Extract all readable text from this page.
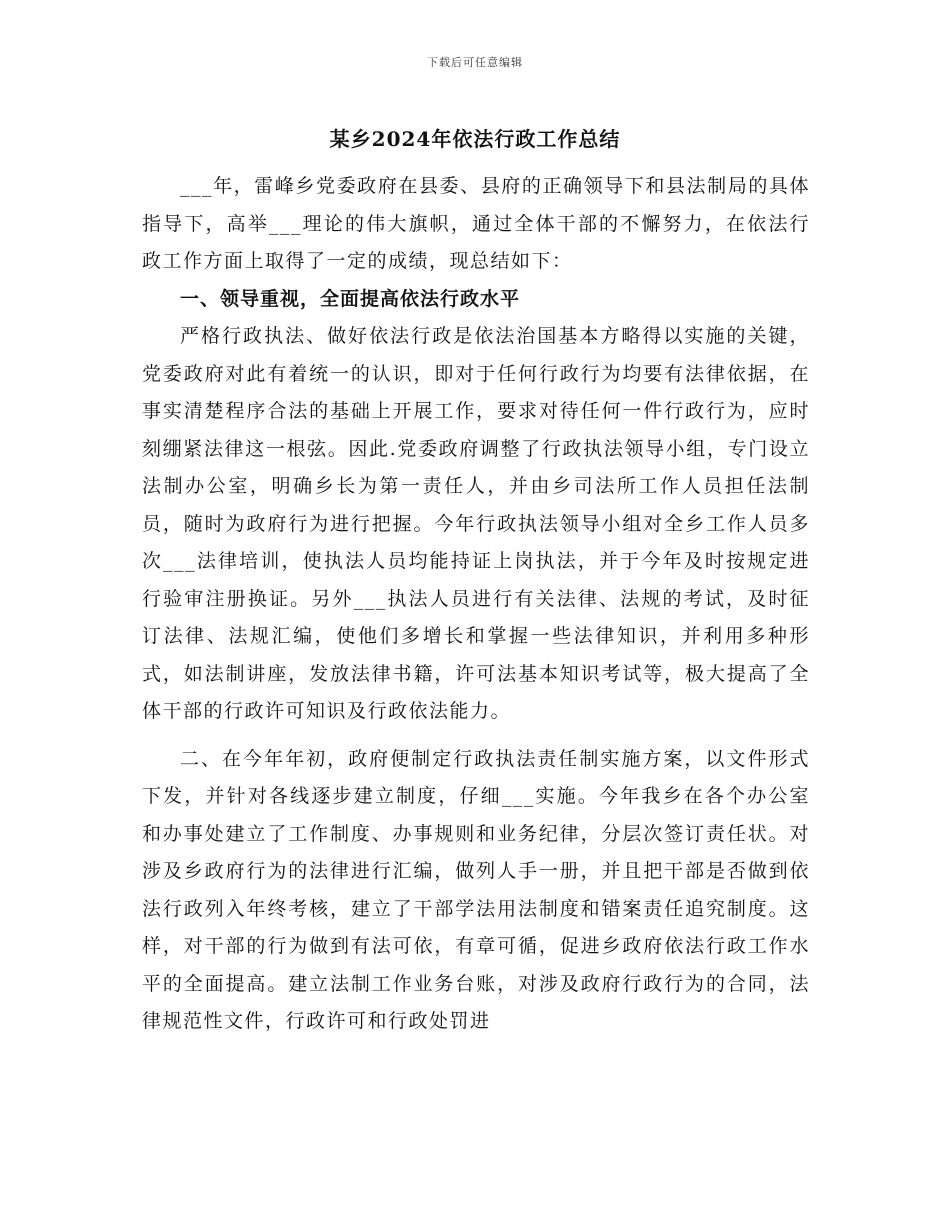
下载后可任意编辑
某乡2024年依法行政工作总结

___年，雷峰乡党委政府在县委、县府的正确领导下和县法制局的具体指导下，高举___理论的伟大旗帜，通过全体干部的不懈努力，在依法行政工作方面上取得了一定的成绩，现总结如下：

一、领导重视，全面提高依法行政水平

严格行政执法、做好依法行政是依法治国基本方略得以实施的关键，党委政府对此有着统一的认识，即对于任何行政行为均要有法律依据，在事实清楚程序合法的基础上开展工作，要求对待任何一件行政行为，应时刻绷紧法律这一根弦。因此.党委政府调整了行政执法领导小组，专门设立法制办公室，明确乡长为第一责任人，并由乡司法所工作人员担任法制员，随时为政府行为进行把握。今年行政执法领导小组对全乡工作人员多次___法律培训，使执法人员均能持证上岗执法，并于今年及时按规定进行验审注册换证。另外___执法人员进行有关法律、法规的考试，及时征订法律、法规汇编，使他们多增长和掌握一些法律知识，并利用多种形式，如法制讲座，发放法律书籍，许可法基本知识考试等，极大提高了全体干部的行政许可知识及行政依法能力。

二、在今年年初，政府便制定行政执法责任制实施方案，以文件形式下发，并针对各线逐步建立制度，仔细___实施。今年我乡在各个办公室和办事处建立了工作制度、办事规则和业务纪律，分层次签订责任状。对涉及乡政府行为的法律进行汇编，做列人手一册，并且把干部是否做到依法行政列入年终考核，建立了干部学法用法制度和错案责任追究制度。这样，对干部的行为做到有法可依，有章可循，促进乡政府依法行政工作水平的全面提高。建立法制工作业务台账，对涉及政府行政行为的合同，法律规范性文件，行政许可和行政处罚进
